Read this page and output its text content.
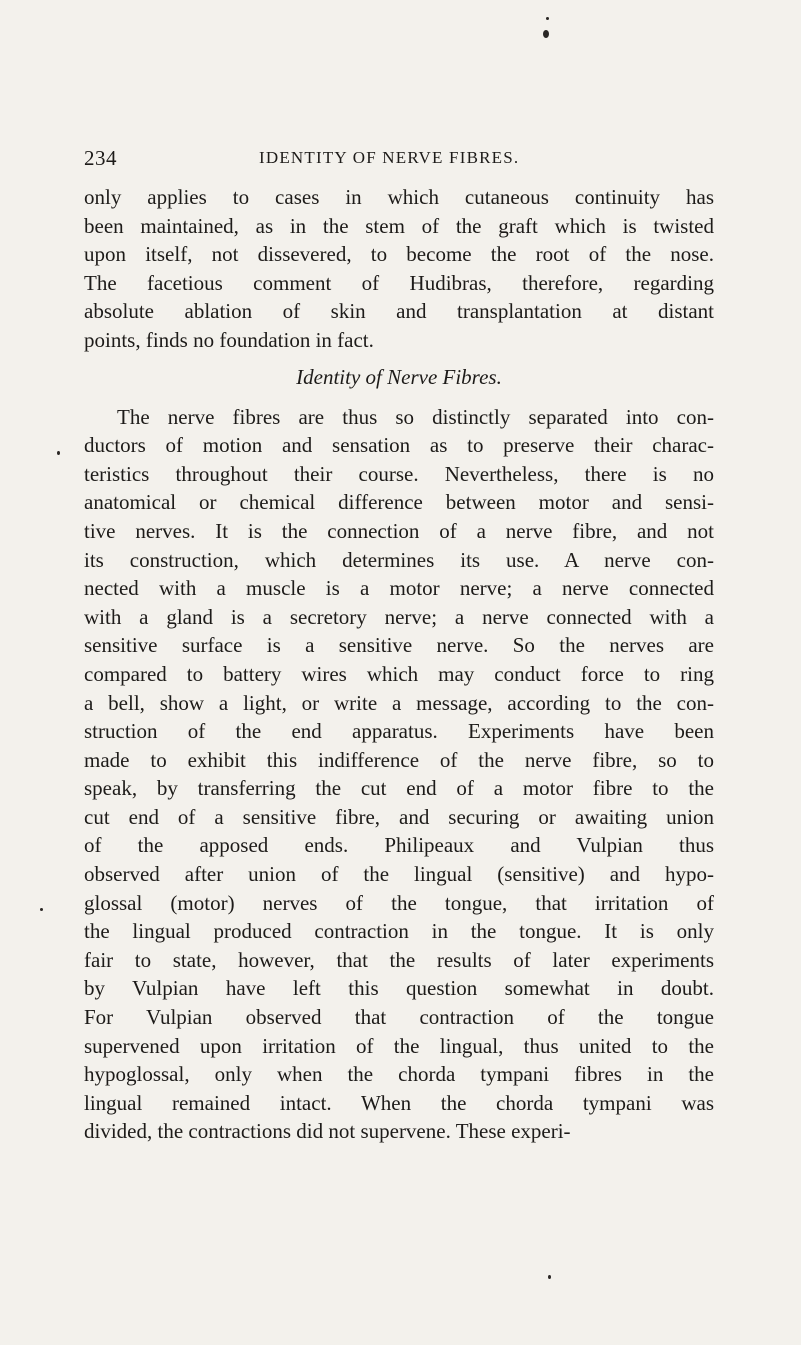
234	IDENTITY OF NERVE FIBRES.
only applies to cases in which cutaneous continuity has
been maintained, as in the stem of the graft which is twisted
upon itself, not dissevered, to become the root of the nose.
The facetious comment of Hudibras, therefore, regarding
absolute ablation of skin and transplantation at distant
points, finds no foundation in fact.
Identity of Nerve Fibres.
The nerve fibres are thus so distinctly separated into con-
ductors of motion and sensation as to preserve their charac-
teristics throughout their course. Nevertheless, there is no
anatomical or chemical difference between motor and sensi-
tive nerves. It is the connection of a nerve fibre, and not
its construction, which determines its use. A nerve con-
nected with a muscle is a motor nerve; a nerve connected
with a gland is a secretory nerve; a nerve connected with a
sensitive surface is a sensitive nerve. So the nerves are
compared to battery wires which may conduct force to ring
a bell, show a light, or write a message, according to the con-
struction of the end apparatus. Experiments have been
made to exhibit this indifference of the nerve fibre, so to
speak, by transferring the cut end of a motor fibre to the
cut end of a sensitive fibre, and securing or awaiting union
of the apposed ends. Philipeaux and Vulpian thus
observed after union of the lingual (sensitive) and hypo-
glossal (motor) nerves of the tongue, that irritation of
the lingual produced contraction in the tongue. It is only
fair to state, however, that the results of later experiments
by Vulpian have left this question somewhat in doubt.
For Vulpian observed that contraction of the tongue
supervened upon irritation of the lingual, thus united to the
hypoglossal, only when the chorda tympani fibres in the
lingual remained intact. When the chorda tympani was
divided, the contractions did not supervene. These experi-
